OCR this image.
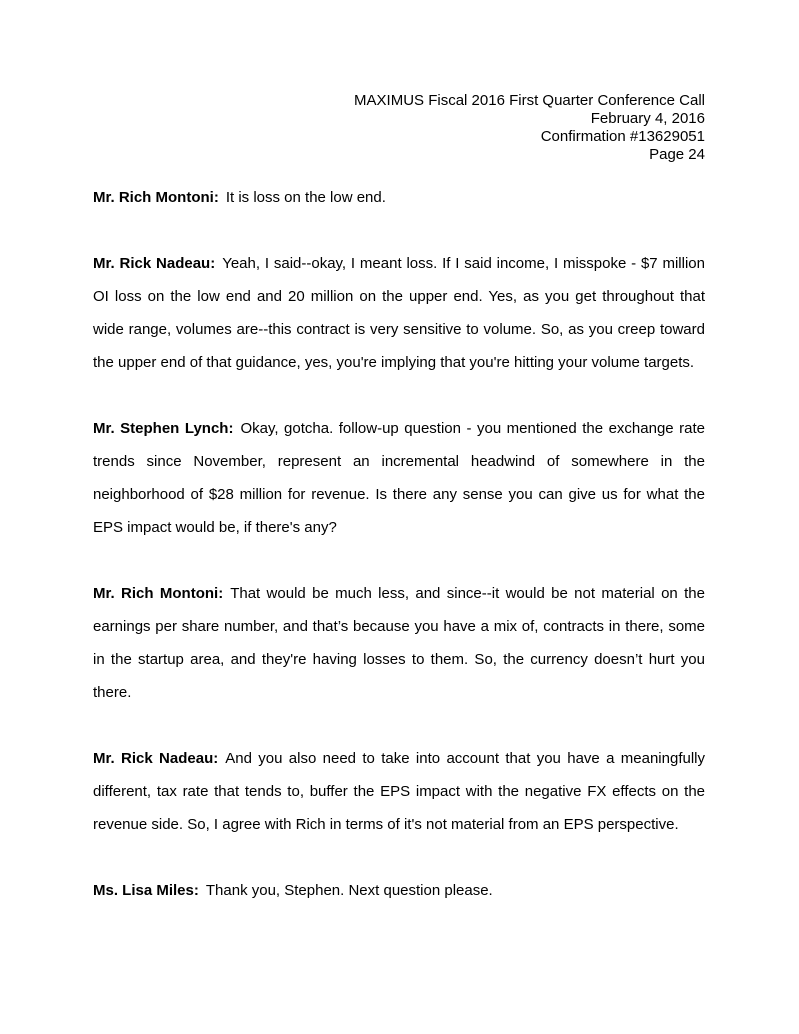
MAXIMUS Fiscal 2016 First Quarter Conference Call
February 4, 2016
Confirmation #13629051
Page 24

Mr. Rich Montoni: It is loss on the low end.

Mr. Rick Nadeau: Yeah, I said--okay, I meant loss. If I said income, I misspoke - $7 million OI loss on the low end and 20 million on the upper end. Yes, as you get throughout that wide range, volumes are--this contract is very sensitive to volume. So, as you creep toward the upper end of that guidance, yes, you're implying that you're hitting your volume targets.

Mr. Stephen Lynch: Okay, gotcha. follow-up question - you mentioned the exchange rate trends since November, represent an incremental headwind of somewhere in the neighborhood of $28 million for revenue. Is there any sense you can give us for what the EPS impact would be, if there's any?

Mr. Rich Montoni: That would be much less, and since--it would be not material on the earnings per share number, and that’s because you have a mix of, contracts in there, some in the startup area, and they're having losses to them. So, the currency doesn’t hurt you there.

Mr. Rick Nadeau: And you also need to take into account that you have a meaningfully different, tax rate that tends to, buffer the EPS impact with the negative FX effects on the revenue side. So, I agree with Rich in terms of it's not material from an EPS perspective.

Ms. Lisa Miles: Thank you, Stephen. Next question please.
